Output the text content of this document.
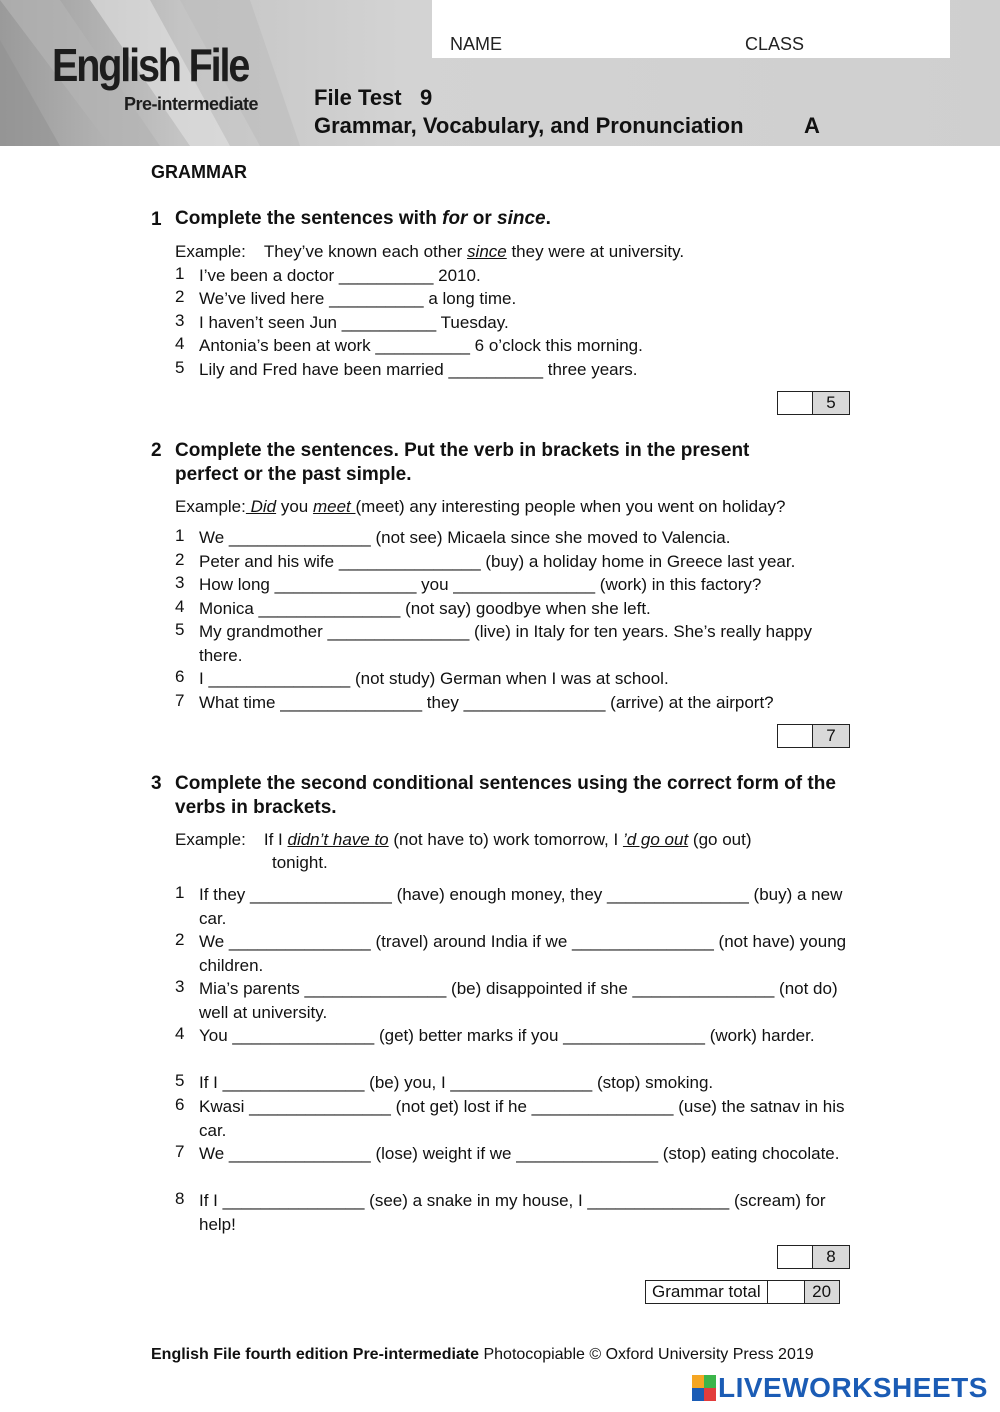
English File
Pre-intermediate
NAME	CLASS
File Test   9
Grammar, Vocabulary, and Pronunciation	A
GRAMMAR
1 Complete the sentences with for or since.
Example: They’ve known each other since they were at university.
1 I’ve been a doctor __________ 2010.
2 We’ve lived here __________ a long time.
3 I haven’t seen Jun __________ Tuesday.
4 Antonia’s been at work __________ 6 o’clock this morning.
5 Lily and Fred have been married __________ three years.
5
2 Complete the sentences. Put the verb in brackets in the present perfect or the past simple.
Example: Did you meet (meet) any interesting people when you went on holiday?
1 We _______________ (not see) Micaela since she moved to Valencia.
2 Peter and his wife _______________ (buy) a holiday home in Greece last year.
3 How long _______________ you _______________ (work) in this factory?
4 Monica _______________ (not say) goodbye when she left.
5 My grandmother _______________ (live) in Italy for ten years. She’s really happy there.
6 I _______________ (not study) German when I was at school.
7 What time _______________ they _______________ (arrive) at the airport?
7
3 Complete the second conditional sentences using the correct form of the verbs in brackets.
Example: If I didn’t have to (not have to) work tomorrow, I ’d go out (go out)
tonight.
1 If they _______________ (have) enough money, they _______________ (buy) a new car.
2 We _______________ (travel) around India if we _______________ (not have) young children.
3 Mia’s parents _______________ (be) disappointed if she _______________ (not do) well at university.
4 You _______________ (get) better marks if you _______________ (work) harder.
5 If I _______________ (be) you, I _______________ (stop) smoking.
6 Kwasi _______________ (not get) lost if he _______________ (use) the satnav in his car.
7 We _______________ (lose) weight if we _______________ (stop) eating chocolate.
8 If I _______________ (see) a snake in my house, I _______________ (scream) for help!
8
Grammar total	20
English File fourth edition Pre-intermediate Photocopiable © Oxford University Press 2019
LIVEWORKSHEETS
